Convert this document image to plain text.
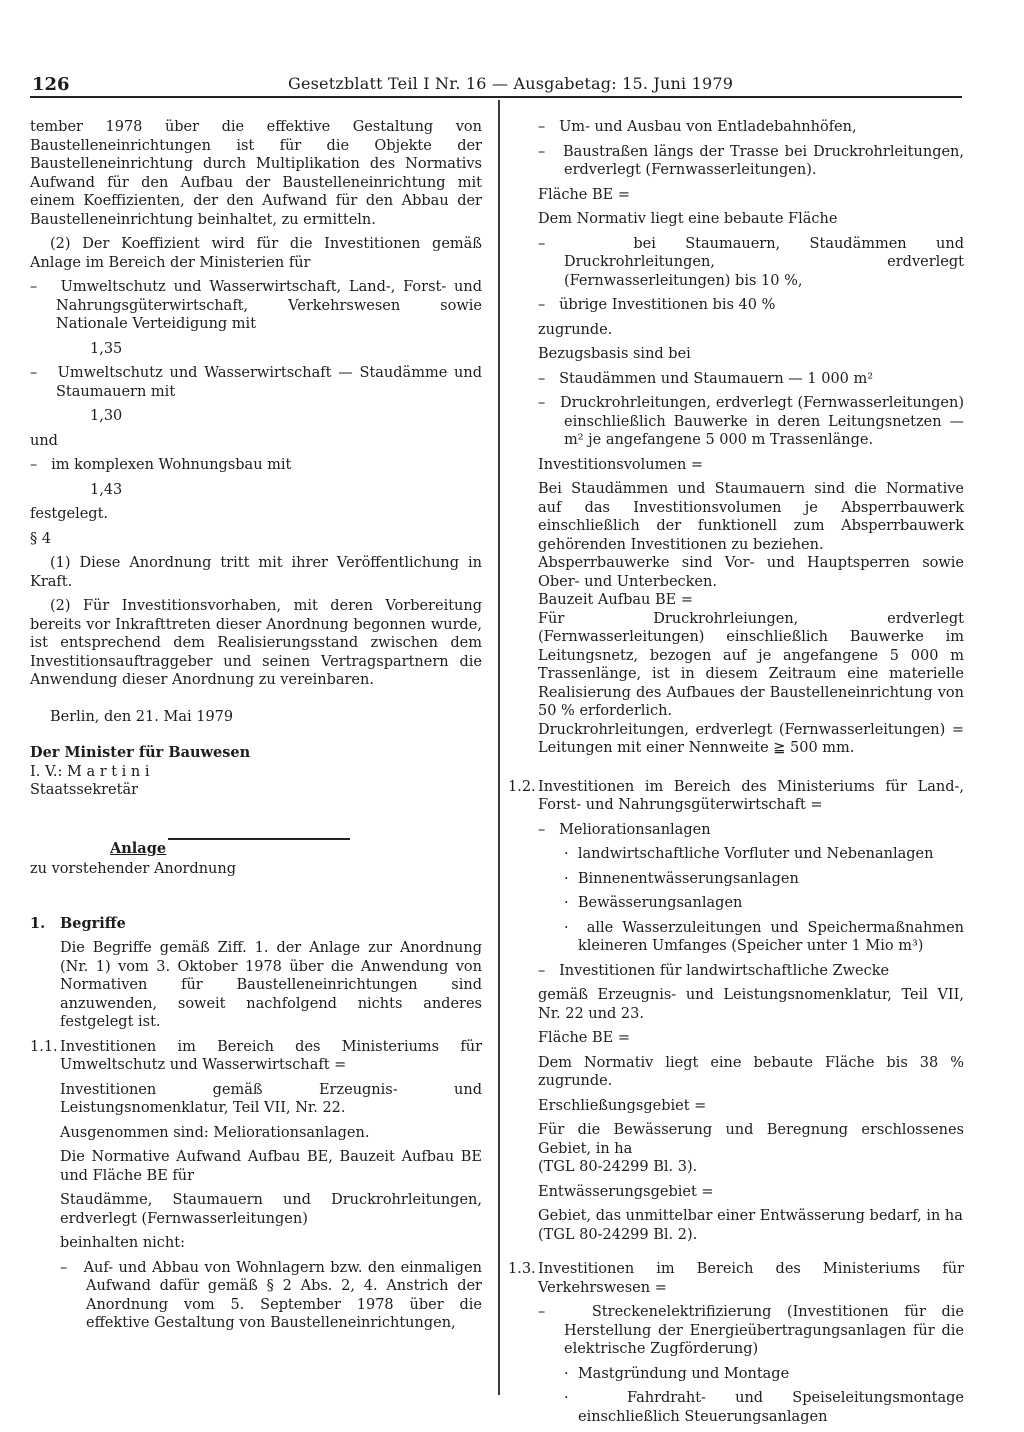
126	Gesetzblatt Teil I Nr. 16 — Ausgabetag: 15. Juni 1979

tember 1978 über die effektive Gestaltung von Baustelleneinrichtungen ist für die Objekte der Baustelleneinrichtung durch Multiplikation des Normativs Aufwand für den Aufbau der Baustelleneinrichtung mit einem Koeffizienten, der den Aufwand für den Abbau der Baustelleneinrichtung beinhaltet, zu ermitteln.

(2) Der Koeffizient wird für die Investitionen gemäß Anlage im Bereich der Ministerien für

–   Umweltschutz und Wasserwirtschaft, Land-, Forst- und Nahrungsgüterwirtschaft, Verkehrswesen sowie Nationale Verteidigung mit

1,35

–   Umweltschutz und Wasserwirtschaft — Staudämme und Staumauern mit

1,30

und

–   im komplexen Wohnungsbau mit

1,43

festgelegt.

§ 4

(1) Diese Anordnung tritt mit ihrer Veröffentlichung in Kraft.

(2) Für Investitionsvorhaben, mit deren Vorbereitung bereits vor Inkrafttreten dieser Anordnung begonnen wurde, ist entsprechend dem Realisierungsstand zwischen dem Investitionsauftraggeber und seinen Vertragspartnern die Anwendung dieser Anordnung zu vereinbaren.

Berlin, den 21. Mai 1979

Der Minister für Bauwesen

I. V.: M a r t i n i

Staatssekretär

Anlage

zu vorstehender Anordnung

1.	Begriffe

Die Begriffe gemäß Ziff. 1. der Anlage zur Anordnung (Nr. 1) vom 3. Oktober 1978 über die Anwendung von Normativen für Baustelleneinrichtungen sind anzuwenden, soweit nachfolgend nichts anderes festgelegt ist.

1.1. Investitionen im Bereich des Ministeriums für Umweltschutz und Wasserwirtschaft =

Investitionen gemäß Erzeugnis- und Leistungsnomenklatur, Teil VII, Nr. 22.

Ausgenommen sind: Meliorationsanlagen.

Die Normative Aufwand Aufbau BE, Bauzeit Aufbau BE und Fläche BE für

Staudämme, Staumauern und Druckrohrleitungen, erdverlegt (Fernwasserleitungen)

beinhalten nicht:

–   Auf- und Abbau von Wohnlagern bzw. den einmaligen Aufwand dafür gemäß § 2 Abs. 2, 4. Anstrich der Anordnung vom 5. September 1978 über die effektive Gestaltung von Baustelleneinrichtungen,

–   Um- und Ausbau von Entladebahnhöfen,

–   Baustraßen längs der Trasse bei Druckrohrleitungen, erdverlegt (Fernwasserleitungen).

Fläche BE =

Dem Normativ liegt eine bebaute Fläche

–   bei Staumauern, Staudämmen und Druckrohrleitungen, erdverlegt (Fernwasserleitungen) bis 10 %,

–   übrige Investitionen bis 40 %

zugrunde.

Bezugsbasis sind bei

–   Staudämmen und Staumauern — 1 000 m²

–   Druckrohrleitungen, erdverlegt (Fernwasserleitungen) einschließlich Bauwerke in deren Leitungsnetzen — m² je angefangene 5 000 m Trassenlänge.

Investitionsvolumen =

Bei Staudämmen und Staumauern sind die Normative auf das Investitionsvolumen je Absperrbauwerk einschließlich der funktionell zum Absperrbauwerk gehörenden Investitionen zu beziehen.

Absperrbauwerke sind Vor- und Hauptsperren sowie Ober- und Unterbecken.

Bauzeit Aufbau BE =

Für Druckrohrleiungen, erdverlegt (Fernwasserleitungen) einschließlich Bauwerke im Leitungsnetz, bezogen auf je angefangene 5 000 m Trassenlänge, ist in diesem Zeitraum eine materielle Realisierung des Aufbaues der Baustelleneinrichtung von 50 % erforderlich.

Druckrohrleitungen, erdverlegt (Fernwasserleitungen) = Leitungen mit einer Nennweite ≧ 500 mm.

1.2. Investitionen im Bereich des Ministeriums für Land-, Forst- und Nahrungsgüterwirtschaft =

–   Meliorationsanlagen

·  landwirtschaftliche Vorfluter und Nebenanlagen

·  Binnenentwässerungsanlagen

·  Bewässerungsanlagen

·  alle Wasserzuleitungen und Speichermaßnahmen kleineren Umfanges (Speicher unter 1 Mio m³)

–   Investitionen für landwirtschaftliche Zwecke

gemäß Erzeugnis- und Leistungsnomenklatur, Teil VII, Nr. 22 und 23.

Fläche BE =

Dem Normativ liegt eine bebaute Fläche bis 38 % zugrunde.

Erschließungsgebiet =

Für die Bewässerung und Beregnung erschlossenes Gebiet, in ha

(TGL 80-24299 Bl. 3).

Entwässerungsgebiet =

Gebiet, das unmittelbar einer Entwässerung bedarf, in ha

(TGL 80-24299 Bl. 2).

1.3. Investitionen im Bereich des Ministeriums für Verkehrswesen =

–   Streckenelektrifizierung (Investitionen für die Herstellung der Energieübertragungsanlagen für die elektrische Zugförderung)

·  Mastgründung und Montage

·  Fahrdraht- und Speiseleitungsmontage einschließlich Steuerungsanlagen
